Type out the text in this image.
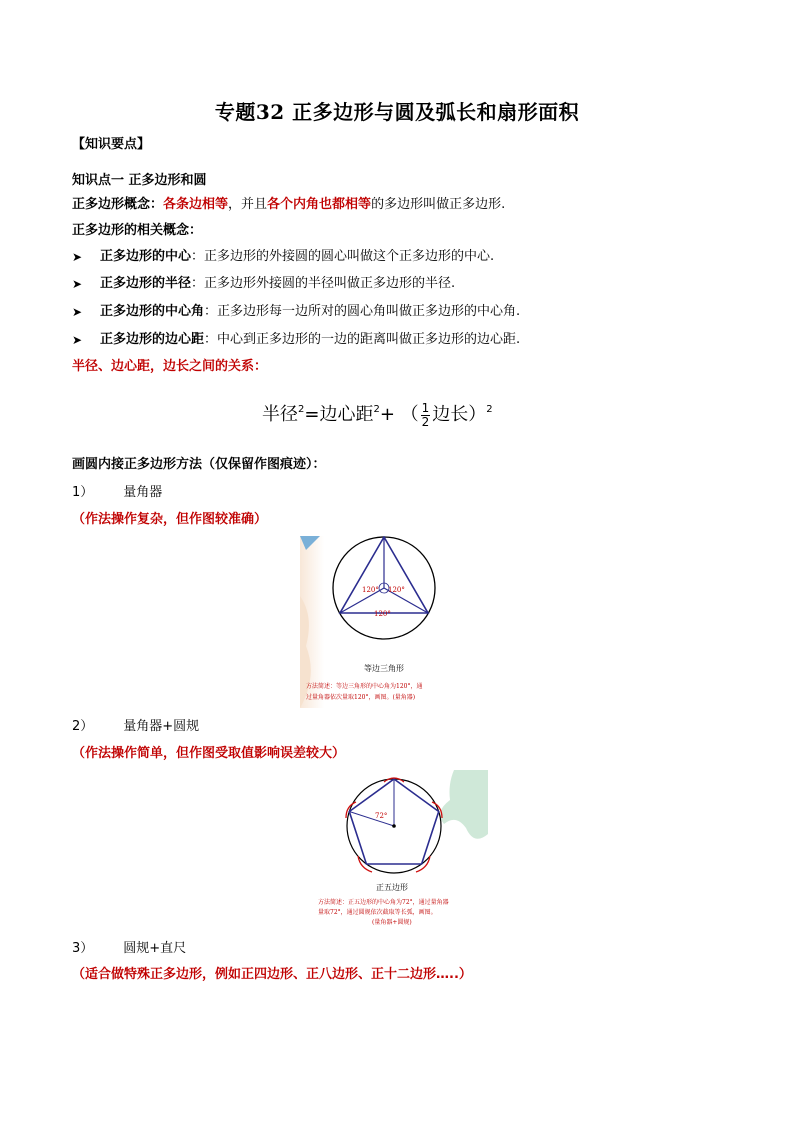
专题32 正多边形与圆及弧长和扇形面积
【知识要点】
知识点一 正多边形和圆
正多边形概念：各条边相等，并且各个内角也都相等的多边形叫做正多边形.
正多边形的相关概念：
➤ 正多边形的中心：正多边形的外接圆的圆心叫做这个正多边形的中心.
➤ 正多边形的半径：正多边形外接圆的半径叫做正多边形的半径.
➤ 正多边形的中心角：正多边形每一边所对的圆心角叫做正多边形的中心角.
➤ 正多边形的边心距：中心到正多边形的一边的距离叫做正多边形的边心距.
半径、边心距，边长之间的关系：
半径$^2$=边心距$^2$+ （ $\frac{1}{2}$ 边长）$^2$
画圆内接正多边形方法（仅保留作图痕迹）：
1） 量角器
（作法操作复杂，但作图较准确）
120° 120°
120°
等边三角形
方法简述：等边三角形的中心角为120°，通
过量角器依次量取120°，画图。(量角器)
2） 量角器+圆规
（作法操作简单，但作图受取值影响误差较大）
72°
正五边形
方法简述：正五边形的中心角为72°，通过量角器
量取72°，通过圆规依次截取等长弧，画图。
(量角器+圆规)
3） 圆规+直尺
（适合做特殊正多边形，例如正四边形、正八边形、正十二边形…..）
